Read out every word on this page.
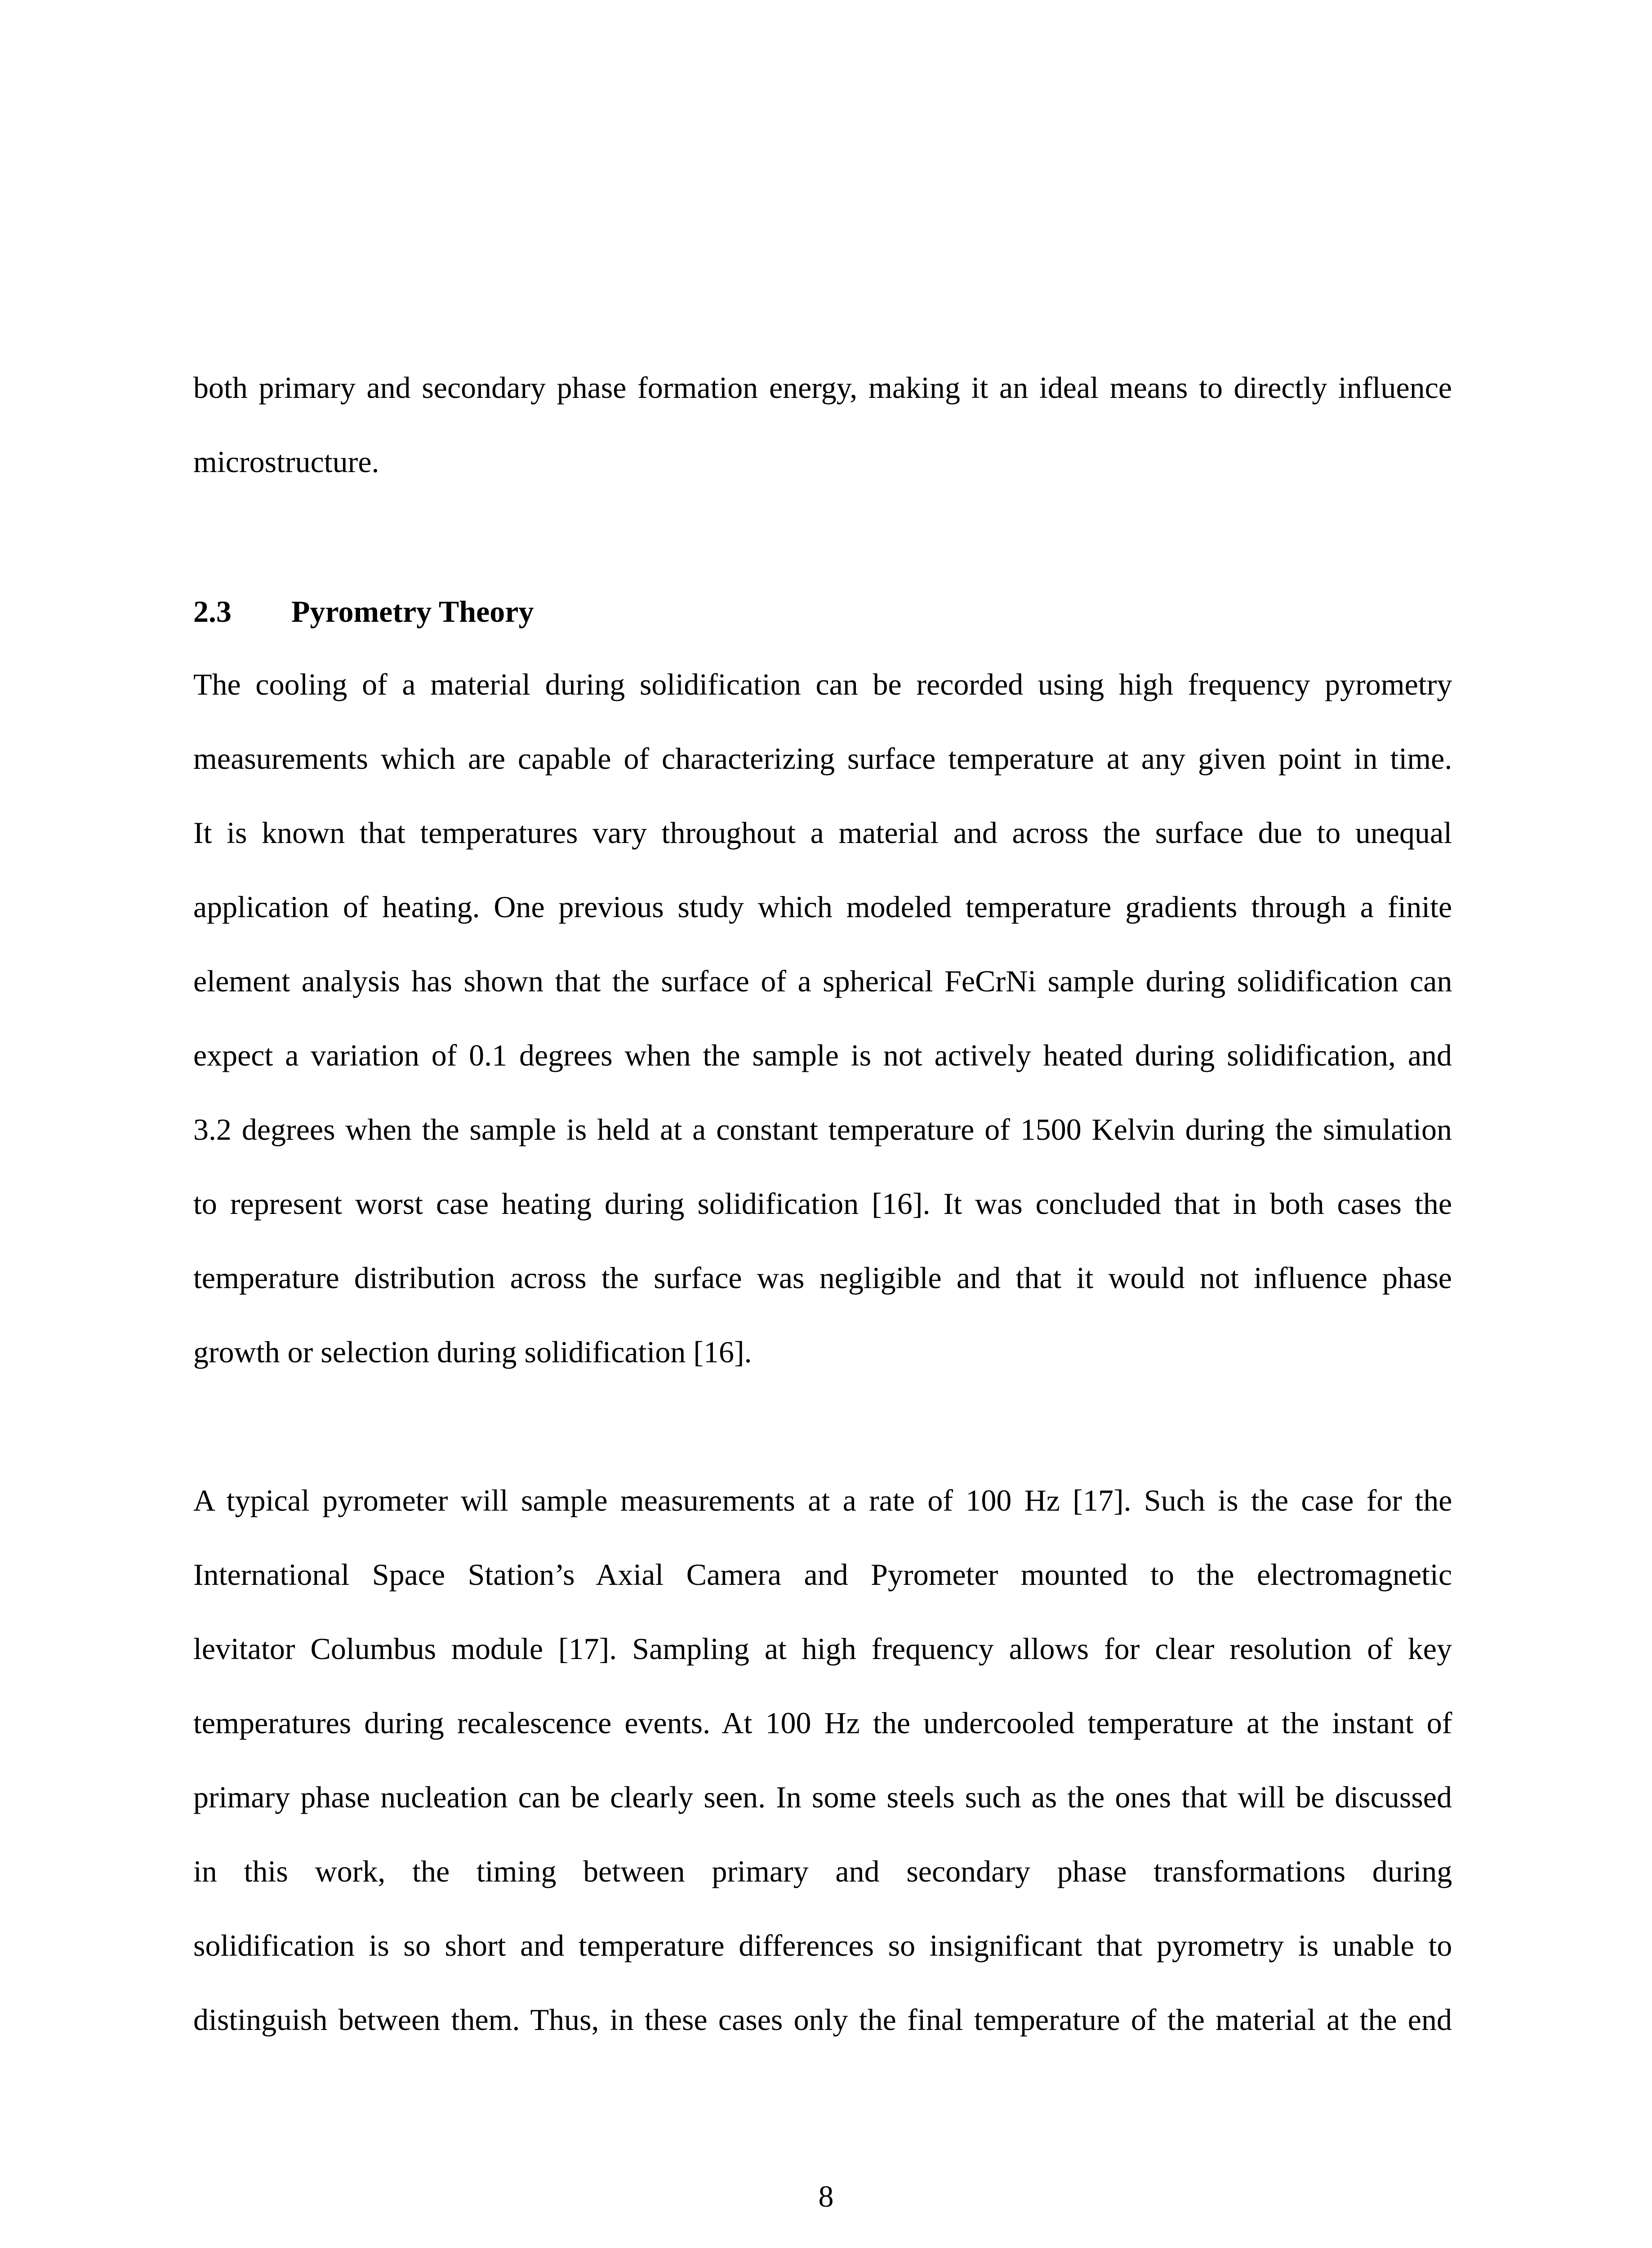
both primary and secondary phase formation energy, making it an ideal means to directly influence
microstructure.
2.3 Pyrometry Theory
The cooling of a material during solidification can be recorded using high frequency pyrometry
measurements which are capable of characterizing surface temperature at any given point in time.
It is known that temperatures vary throughout a material and across the surface due to unequal
application of heating. One previous study which modeled temperature gradients through a finite
element analysis has shown that the surface of a spherical FeCrNi sample during solidification can
expect a variation of 0.1 degrees when the sample is not actively heated during solidification, and
3.2 degrees when the sample is held at a constant temperature of 1500 Kelvin during the simulation
to represent worst case heating during solidification [16]. It was concluded that in both cases the
temperature distribution across the surface was negligible and that it would not influence phase
growth or selection during solidification [16].
A typical pyrometer will sample measurements at a rate of 100 Hz [17]. Such is the case for the
International Space Station’s Axial Camera and Pyrometer mounted to the electromagnetic
levitator Columbus module [17]. Sampling at high frequency allows for clear resolution of key
temperatures during recalescence events. At 100 Hz the undercooled temperature at the instant of
primary phase nucleation can be clearly seen. In some steels such as the ones that will be discussed
in this work, the timing between primary and secondary phase transformations during
solidification is so short and temperature differences so insignificant that pyrometry is unable to
distinguish between them. Thus, in these cases only the final temperature of the material at the end
8
